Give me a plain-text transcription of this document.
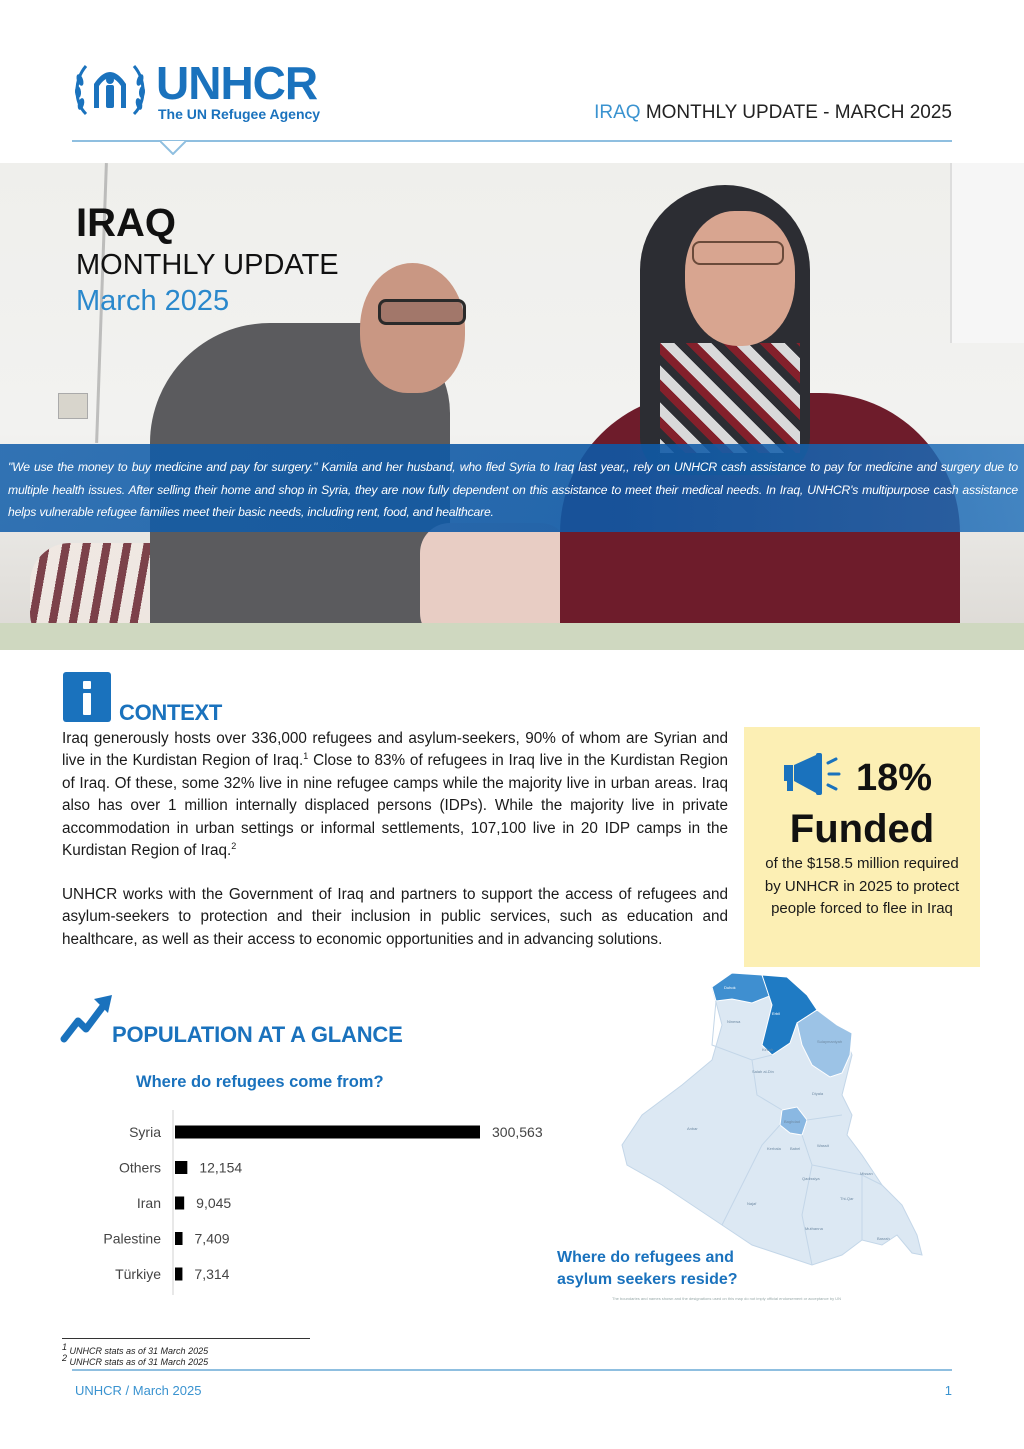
UNHCR
The UN Refugee Agency	IRAQ MONTHLY UPDATE - MARCH 2025
IRAQ
MONTHLY UPDATE
March 2025
"We use the money to buy medicine and pay for surgery." Kamila and her husband, who fled Syria to Iraq last year,, rely on UNHCR cash assistance to pay for medicine and surgery due to multiple health issues. After selling their home and shop in Syria, they are now fully dependent on this assistance to meet their medical needs. In Iraq, UNHCR's multipurpose cash assistance helps vulnerable refugee families meet their basic needs, including rent, food, and healthcare.
CONTEXT
Iraq generously hosts over 336,000 refugees and asylum-seekers, 90% of whom are Syrian and live in the Kurdistan Region of Iraq.$^1$ Close to 83% of refugees in Iraq live in the Kurdistan Region of Iraq. Of these, some 32% live in nine refugee camps while the majority live in urban areas. Iraq also has over 1 million internally displaced persons (IDPs). While the majority live in private accommodation in urban settings or informal settlements, 107,100 live in 20 IDP camps in the Kurdistan Region of Iraq.$^2$
UNHCR works with the Government of Iraq and partners to support the access of refugees and asylum-seekers to protection and their inclusion in public services, such as education and healthcare, as well as their access to economic opportunities and in advancing solutions.
18%
Funded
of the $158.5 million required by UNHCR in 2025 to protect people forced to flee in Iraq
POPULATION AT A GLANCE
Where do refugees come from?
Syria	300,563
Others	12,154
Iran	9,045
Palestine 7,409
Türkiye 7,314
Duhok
Erbil
Sulaymaniyah
Ninewa
Kirkuk
Salah al-Din
Diyala
Baghdad
Anbar
Kerbala Babel
Wassit
Qadissiya
Missan
Thi-Qar
Najaf
Muthanna
Basrah
Where do refugees and
asylum seekers reside?
The boundaries and names shown and the designations used on this map do not imply official endorsement or acceptance by UN
$^1$ UNHCR stats as of 31 March 2025
$^2$ UNHCR stats as of 31 March 2025
UNHCR / March 2025	1
